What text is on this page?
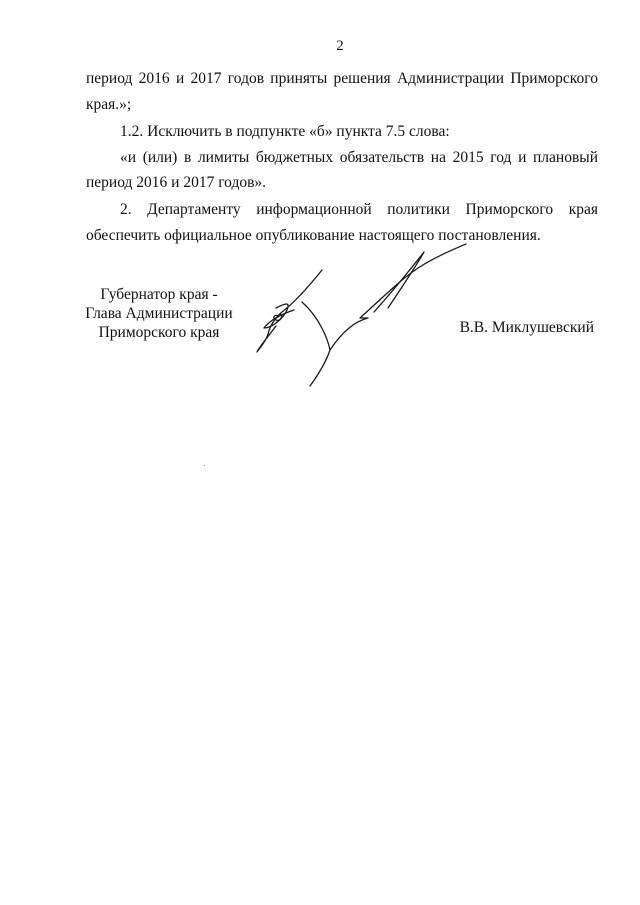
2
период 2016 и 2017 годов приняты решения Администрации Приморского
края.»;
1.2. Исключить в подпункте «б» пункта 7.5 слова:
«и (или) в лимиты бюджетных обязательств на 2015 год и плановый
период 2016 и 2017 годов».
2. Департаменту информационной политики Приморского края
обеспечить официальное опубликование настоящего постановления.
Губернатор края -
Глава Администрации
Приморского края	В.В. Миклушевский
